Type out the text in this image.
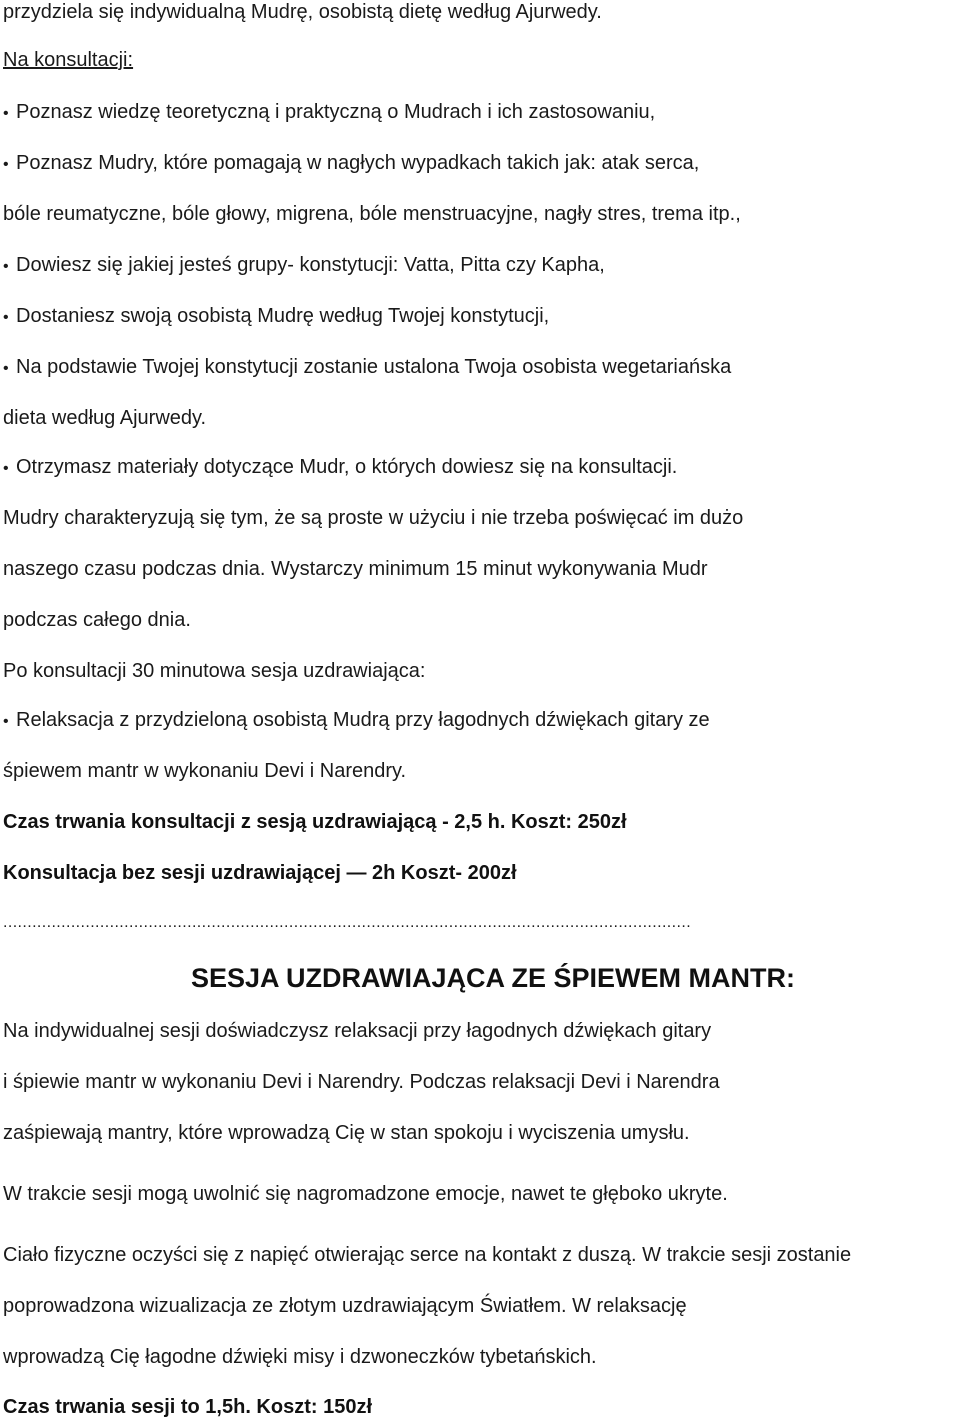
przydziela się indywidualną Mudrę, osobistą dietę według Ajurwedy.
Na konsultacji:
• Poznasz wiedzę teoretyczną i praktyczną o Mudrach i ich zastosowaniu,
• Poznasz Mudry, które pomagają w nagłych wypadkach takich jak: atak serca,
bóle reumatyczne, bóle głowy, migrena, bóle menstruacyjne, nagły stres, trema itp.,
• Dowiesz się jakiej jesteś grupy- konstytucji: Vatta, Pitta czy Kapha,
• Dostaniesz swoją osobistą Mudrę według Twojej konstytucji,
• Na podstawie Twojej konstytucji zostanie ustalona Twoja osobista wegetariańska
dieta według Ajurwedy.
• Otrzymasz materiały dotyczące Mudr, o których dowiesz się na konsultacji.
Mudry charakteryzują się tym, że są proste w użyciu i nie trzeba poświęcać im dużo
naszego czasu podczas dnia. Wystarczy minimum 15 minut wykonywania Mudr
podczas całego dnia.
Po konsultacji 30 minutowa sesja uzdrawiająca:
• Relaksacja z przydzieloną osobistą Mudrą przy łagodnych dźwiękach gitary ze
śpiewem mantr w wykonaniu Devi i Narendry.
Czas trwania konsultacji z sesją uzdrawiającą - 2,5 h. Koszt: 250zł
Konsultacja bez sesji uzdrawiającej — 2h Koszt- 200zł
..............................................................................................................................................
SESJA UZDRAWIAJĄCA ZE ŚPIEWEM MANTR:
Na indywidualnej sesji doświadczysz relaksacji przy łagodnych dźwiękach gitary
i śpiewie mantr w wykonaniu Devi i Narendry. Podczas relaksacji Devi i Narendra
zaśpiewają mantry, które wprowadzą Cię w stan spokoju i wyciszenia umysłu.
W trakcie sesji mogą uwolnić się nagromadzone emocje, nawet te głęboko ukryte.
Ciało fizyczne oczyści się z napięć otwierając serce na kontakt z duszą. W trakcie sesji zostanie
poprowadzona wizualizacja ze złotym uzdrawiającym Światłem. W relaksację
wprowadzą Cię łagodne dźwięki misy i dzwoneczków tybetańskich.
Czas trwania sesji to 1,5h. Koszt: 150zł
